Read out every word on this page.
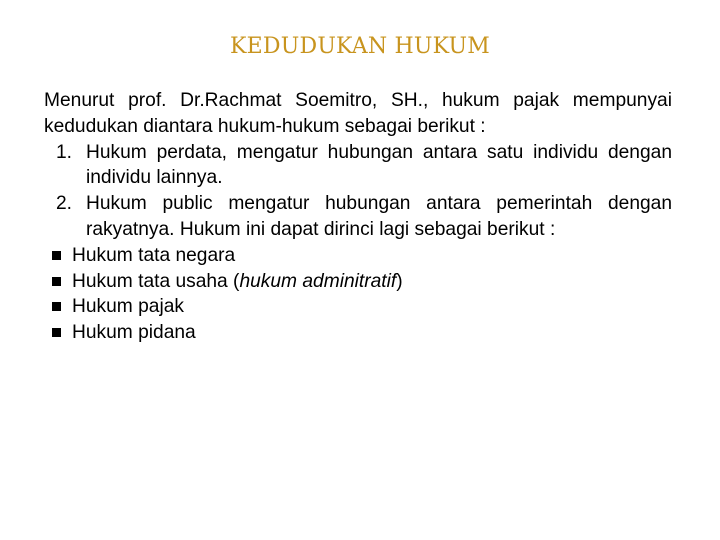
KEDUDUKAN HUKUM

Menurut prof. Dr.Rachmat Soemitro, SH., hukum pajak mempunyai kedudukan diantara hukum-hukum sebagai berikut :

1. Hukum perdata, mengatur hubungan antara satu individu dengan individu lainnya.
2. Hukum public mengatur hubungan antara pemerintah dengan rakyatnya. Hukum ini dapat dirinci lagi sebagai berikut :
Hukum tata negara
Hukum tata usaha (hukum adminitratif)
Hukum pajak
Hukum pidana
